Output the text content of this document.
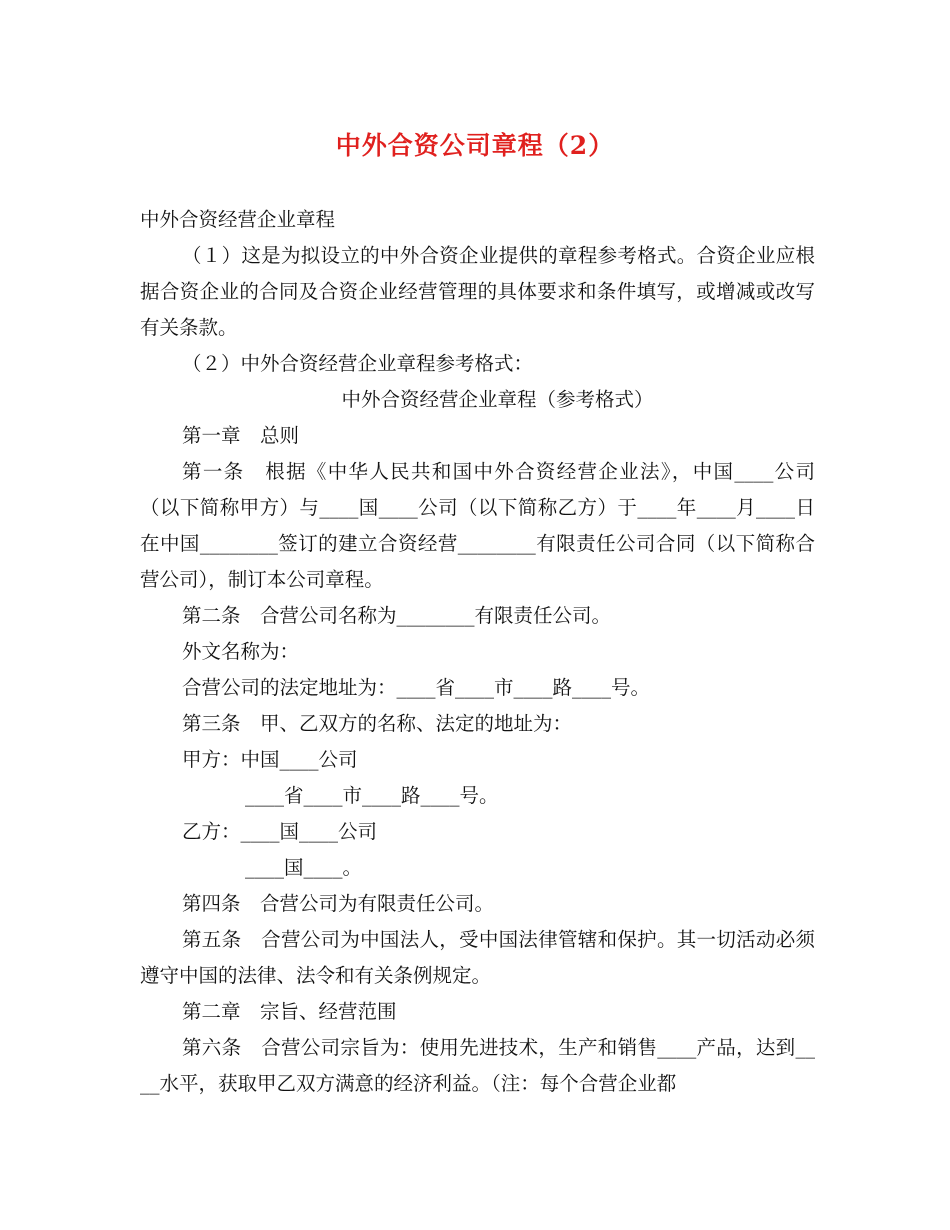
中外合资公司章程（2）

中外合资经营企业章程

（１）这是为拟设立的中外合资企业提供的章程参考格式。合资企业应根据合资企业的合同及合资企业经营管理的具体要求和条件填写，或增减或改写有关条款。

（２）中外合资经营企业章程参考格式：

中外合资经营企业章程（参考格式）

第一章　总则

第一条　根据《中华人民共和国中外合资经营企业法》，中国____公司（以下简称甲方）与____国____公司（以下简称乙方）于____年____月____日在中国________签订的建立合资经营________有限责任公司合同（以下简称合营公司），制订本公司章程。

第二条　合营公司名称为________有限责任公司。

外文名称为：

合营公司的法定地址为：____省____市____路____号。

第三条　甲、乙双方的名称、法定的地址为：

甲方：中国____公司

____省____市____路____号。

乙方：____国____公司

____国____。

第四条　合营公司为有限责任公司。

第五条　合营公司为中国法人，受中国法律管辖和保护。其一切活动必须遵守中国的法律、法令和有关条例规定。

第二章　宗旨、经营范围

第六条　合营公司宗旨为：使用先进技术，生产和销售____产品，达到____水平，获取甲乙双方满意的经济利益。（注：每个合营企业都
